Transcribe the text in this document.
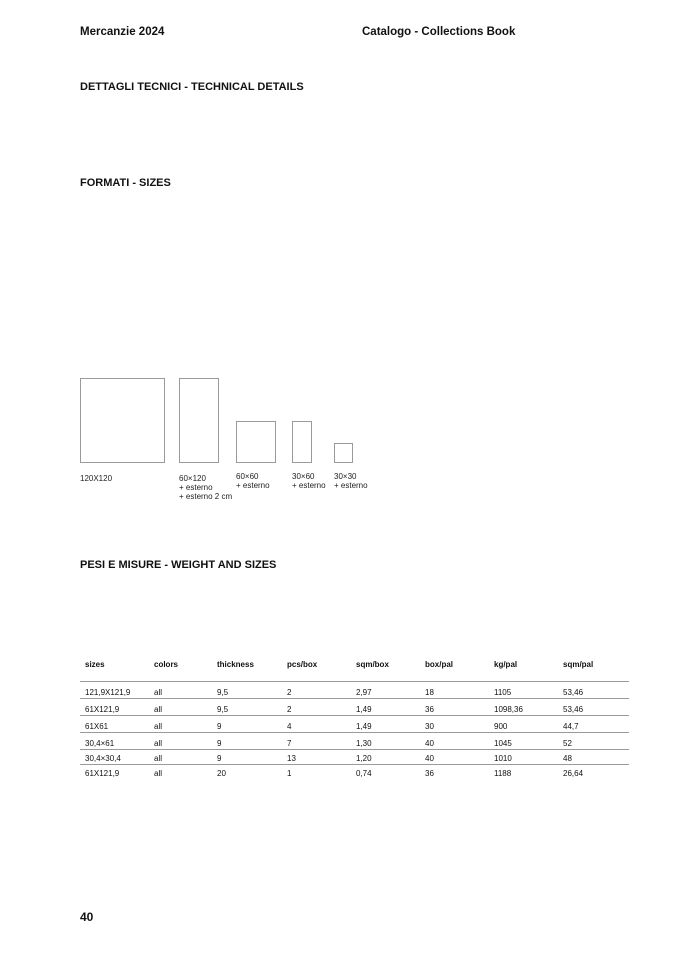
Mercanzie 2024	Catalogo - Collections Book
DETTAGLI TECNICI - TECHNICAL DETAILS
FORMATI - SIZES
120X120	60×120
+ esterno
+ esterno 2 cm
60×60
+ esterno
30×60
+ esterno
30×30
+ esterno
PESI E MISURE - WEIGHT AND SIZES
sizes	colors	thickness	pcs/box	sqm/box	box/pal	kg/pal	sqm/pal

121,9X121,9	all	9,5	2	2,97	18	1105	53,46
61X121,9	all	9,5	2	1,49	36	1098,36	53,46
61X61	all	9	4	1,49	30	900	44,7
30,4×61	all	9	7	1,30	40	1045	52
30,4×30,4	all	9	13	1,20	40	1010	48
61X121,9	all	20	1	0,74	36	1188	26,64
40
